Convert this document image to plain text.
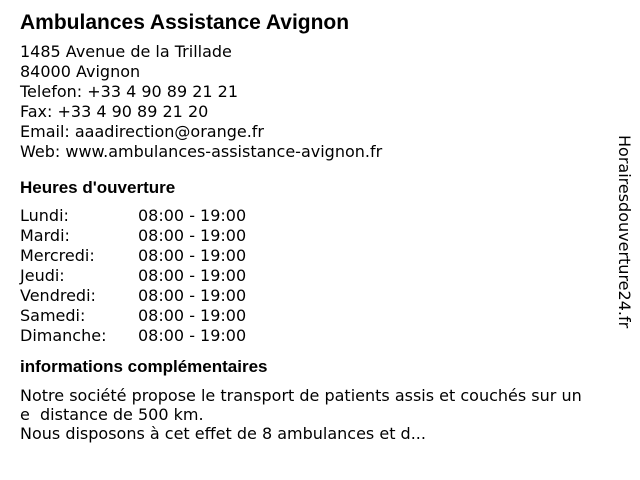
Ambulances Assistance Avignon
1485 Avenue de la Trillade
84000 Avignon
Telefon: +33 4 90 89 21 21
Fax: +33 4 90 89 21 20
Email: aaadirection@orange.fr
Web: www.ambulances-assistance-avignon.fr
Heures d'ouverture
Lundi:	08:00 - 19:00
Mardi:	08:00 - 19:00
Mercredi:	08:00 - 19:00
Jeudi:	08:00 - 19:00
Vendredi:	08:00 - 19:00
Samedi:	08:00 - 19:00
Dimanche: 08:00 - 19:00
informations complémentaires
Notre société propose le transport de patients assis et couchés sur un
e  distance de 500 km.
Nous disposons à cet effet de 8 ambulances et d...
Horairesdouverture24.fr
